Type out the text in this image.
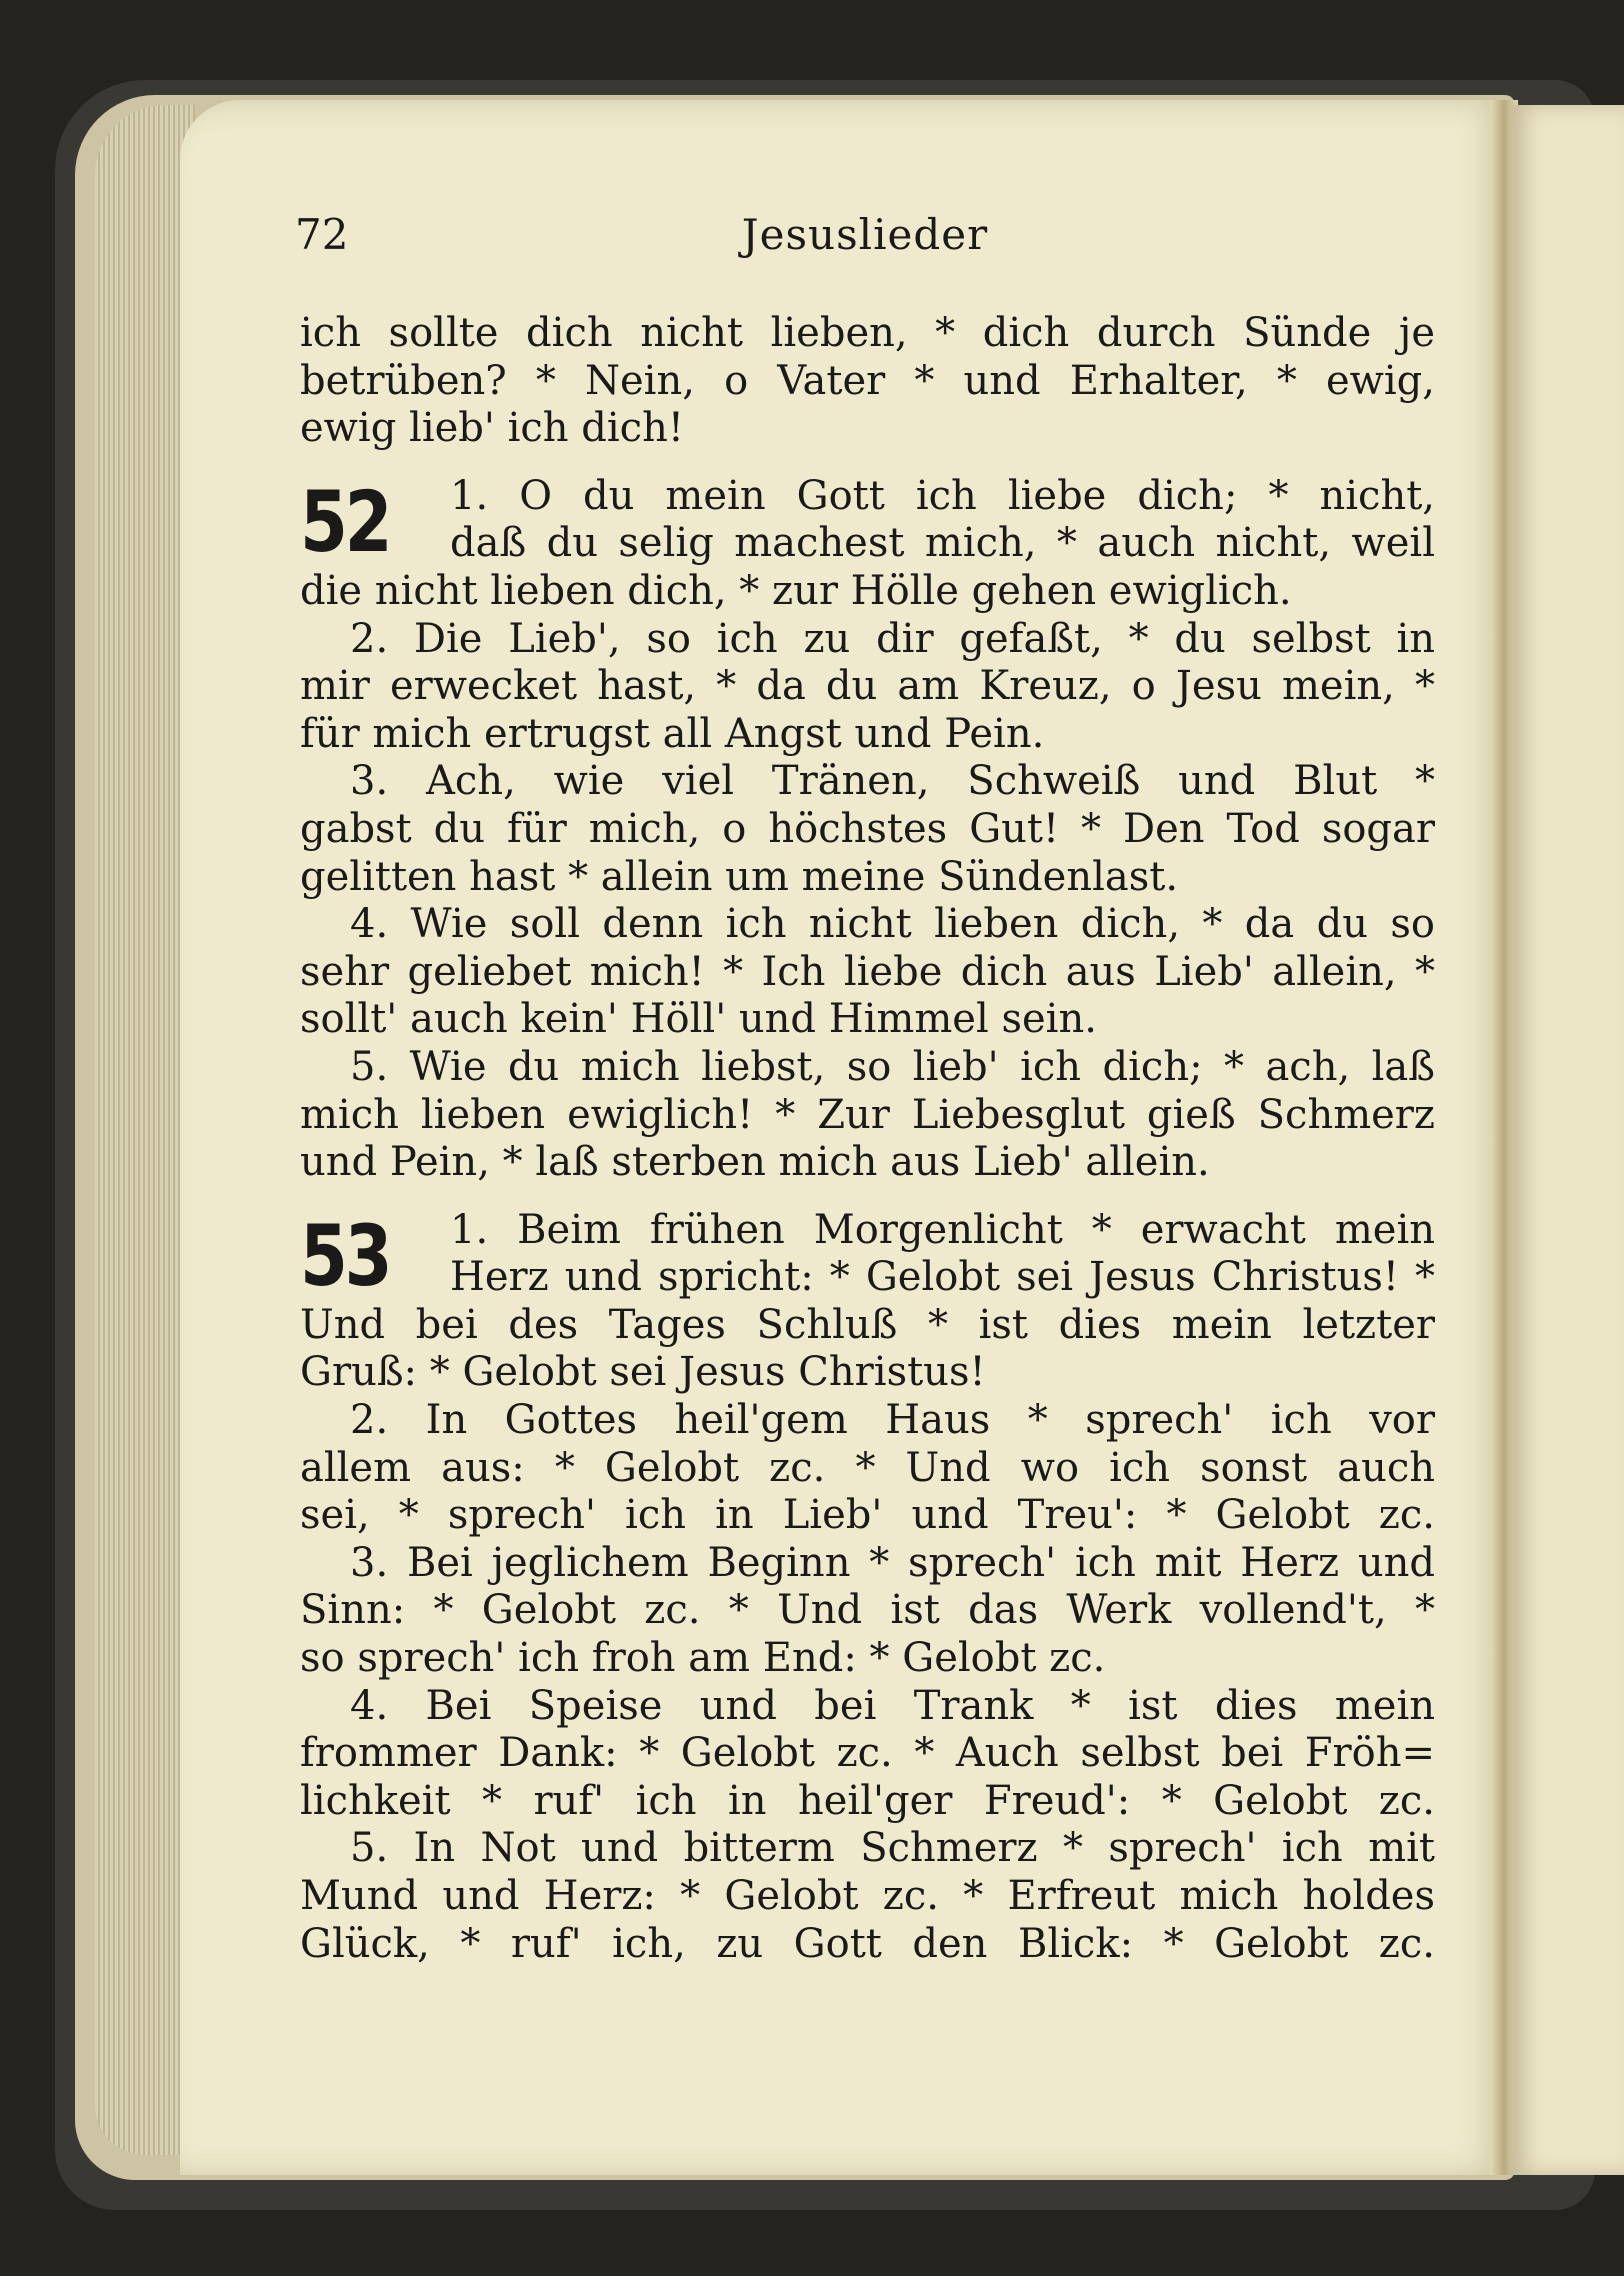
72	Jesuslieder
ich sollte dich nicht lieben, * dich durch Sünde je
betrüben? * Nein, o Vater * und Erhalter, * ewig,
ewig lieb' ich dich!
52	1. O du mein Gott ich liebe dich; * nicht,
daß du selig machest mich, * auch nicht, weil
die nicht lieben dich, * zur Hölle gehen ewiglich.
2. Die Lieb', so ich zu dir gefaßt, * du selbst in
mir erwecket hast, * da du am Kreuz, o Jesu mein, *
für mich ertrugst all Angst und Pein.
3. Ach, wie viel Tränen, Schweiß und Blut *
gabst du für mich, o höchstes Gut! * Den Tod sogar
gelitten hast * allein um meine Sündenlast.
4. Wie soll denn ich nicht lieben dich, * da du so
sehr geliebet mich! * Ich liebe dich aus Lieb' allein, *
sollt' auch kein' Höll' und Himmel sein.
5. Wie du mich liebst, so lieb' ich dich; * ach, laß
mich lieben ewiglich! * Zur Liebesglut gieß Schmerz
und Pein, * laß sterben mich aus Lieb' allein.
53	1. Beim frühen Morgenlicht * erwacht mein
Herz und spricht: * Gelobt sei Jesus Christus! *
Und bei des Tages Schluß * ist dies mein letzter
Gruß: * Gelobt sei Jesus Christus!
2. In Gottes heil'gem Haus * sprech' ich vor
allem aus: * Gelobt zc. * Und wo ich sonst auch
sei, * sprech' ich in Lieb' und Treu': * Gelobt zc.
3. Bei jeglichem Beginn * sprech' ich mit Herz und
Sinn: * Gelobt zc. * Und ist das Werk vollend't, *
so sprech' ich froh am End: * Gelobt zc.
4. Bei Speise und bei Trank * ist dies mein
frommer Dank: * Gelobt zc. * Auch selbst bei Fröh=
lichkeit * ruf' ich in heil'ger Freud': * Gelobt zc.
5. In Not und bitterm Schmerz * sprech' ich mit
Mund und Herz: * Gelobt zc. * Erfreut mich holdes
Glück, * ruf' ich, zu Gott den Blick: * Gelobt zc.
